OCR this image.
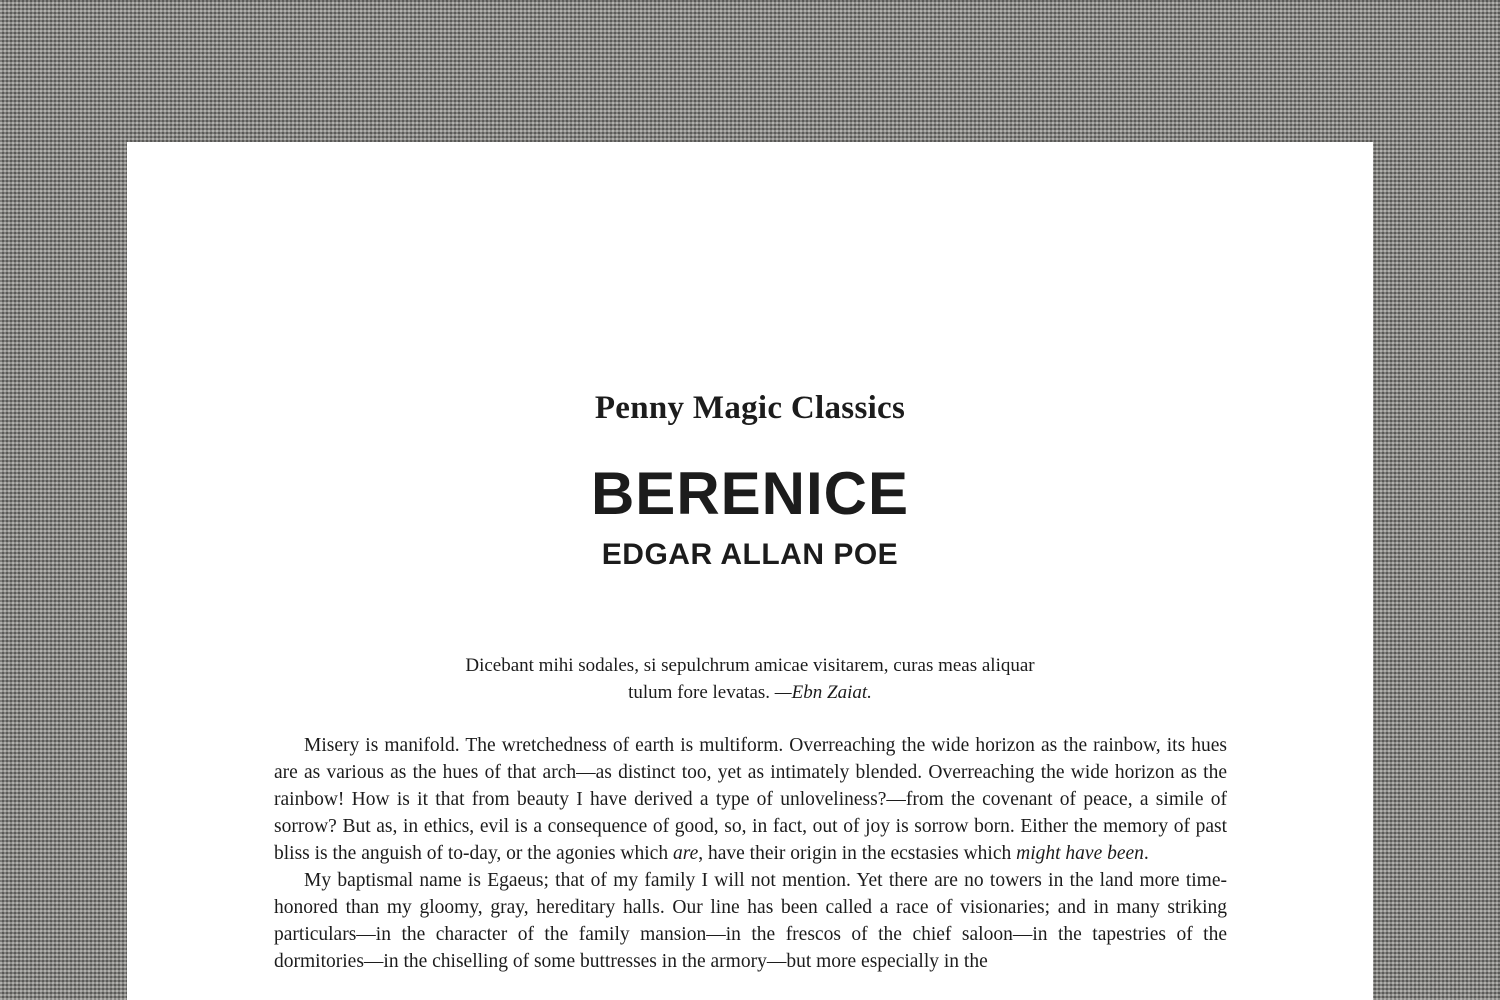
Penny Magic Classics
BERENICE
EDGAR ALLAN POE
Dicebant mihi sodales, si sepulchrum amicae visitarem, curas meas aliquar
tulum fore levatas. —Ebn Zaiat.

Misery is manifold. The wretchedness of earth is multiform. Overreaching the wide horizon as the rainbow, its hues are as various as the hues of that arch—as distinct too, yet as intimately blended. Overreaching the wide horizon as the rainbow! How is it that from beauty I have derived a type of unloveliness?—from the covenant of peace, a simile of sorrow? But as, in ethics, evil is a consequence of good, so, in fact, out of joy is sorrow born. Either the memory of past bliss is the anguish of to-day, or the agonies which are, have their origin in the ecstasies which might have been.

My baptismal name is Egaeus; that of my family I will not mention. Yet there are no towers in the land more time-honored than my gloomy, gray, hereditary halls. Our line has been called a race of visionaries; and in many striking particulars—in the character of the family mansion—in the frescos of the chief saloon—in the tapestries of the dormitories—in the chiselling of some buttresses in the armory—but more especially in the
